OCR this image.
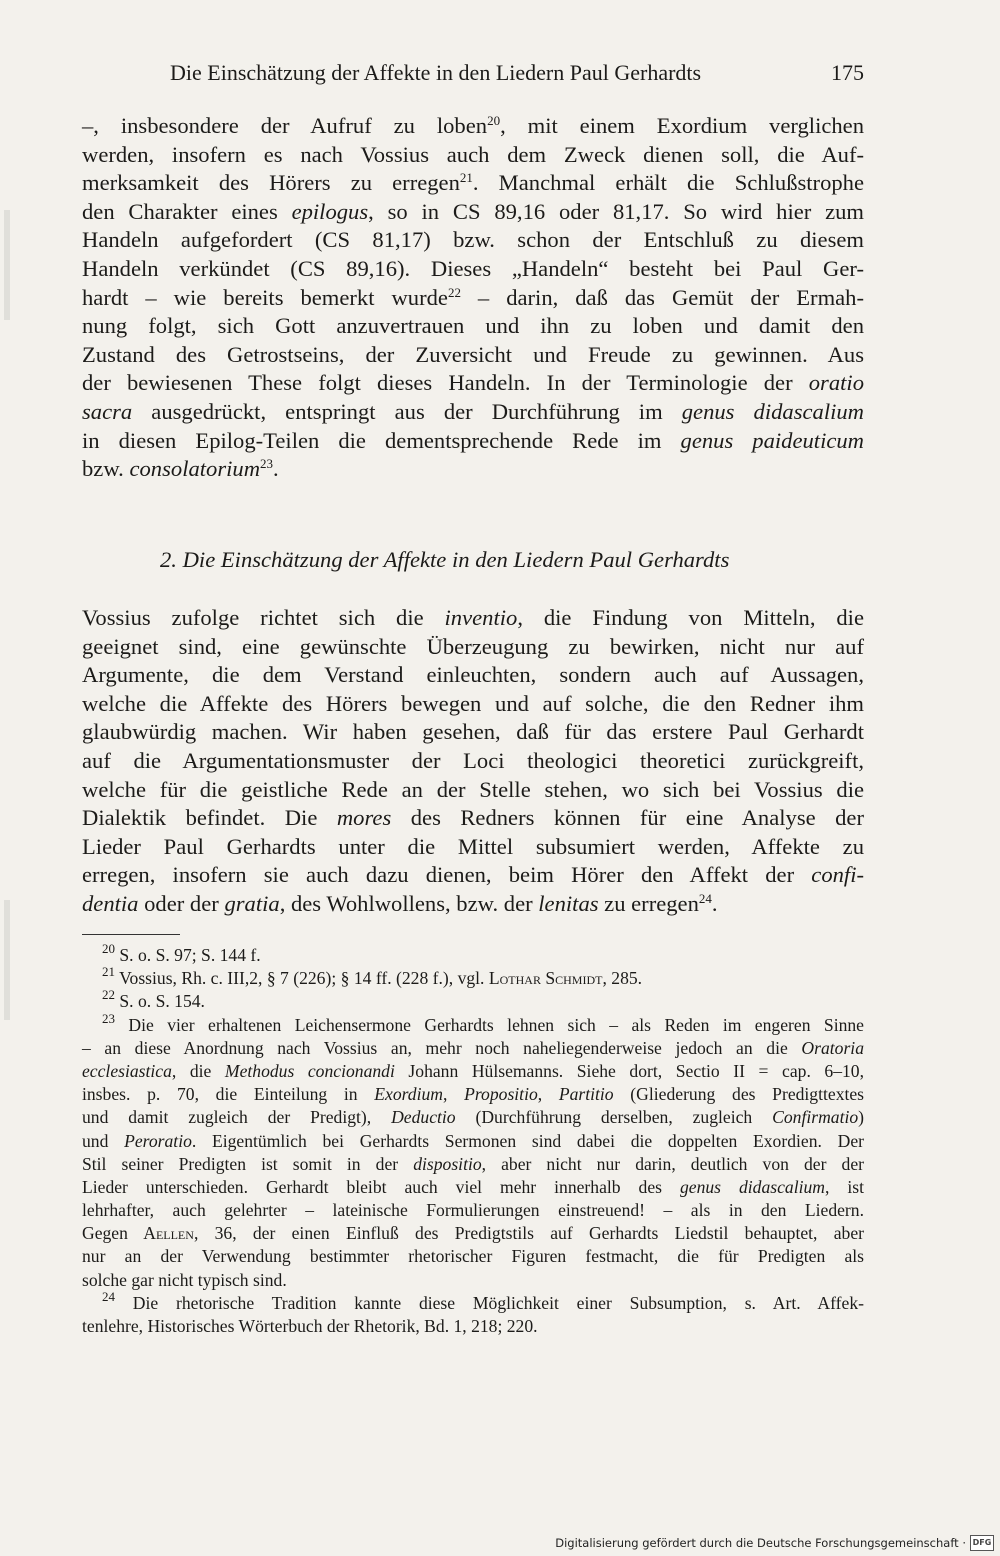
Die Einschätzung der Affekte in den Liedern Paul Gerhardts	175
–, insbesondere der Aufruf zu loben$^{20}$, mit einem Exordium verglichen
werden, insofern es nach Vossius auch dem Zweck dienen soll, die Auf-
merksamkeit des Hörers zu erregen$^{21}$. Manchmal erhält die Schlußstrophe
den Charakter eines epilogus, so in CS 89,16 oder 81,17. So wird hier zum
Handeln aufgefordert (CS 81,17) bzw. schon der Entschluß zu diesem
Handeln verkündet (CS 89,16). Dieses „Handeln“ besteht bei Paul Ger-
hardt – wie bereits bemerkt wurde$^{22}$ – darin, daß das Gemüt der Ermah-
nung folgt, sich Gott anzuvertrauen und ihn zu loben und damit den
Zustand des Getrostseins, der Zuversicht und Freude zu gewinnen. Aus
der bewiesenen These folgt dieses Handeln. In der Terminologie der oratio
sacra ausgedrückt, entspringt aus der Durchführung im genus didascalium
in diesen Epilog-Teilen die dementsprechende Rede im genus paideuticum
bzw. consolatorium$^{23}$.
2. Die Einschätzung der Affekte in den Liedern Paul Gerhardts
Vossius zufolge richtet sich die inventio, die Findung von Mitteln, die
geeignet sind, eine gewünschte Überzeugung zu bewirken, nicht nur auf
Argumente, die dem Verstand einleuchten, sondern auch auf Aussagen,
welche die Affekte des Hörers bewegen und auf solche, die den Redner ihm
glaubwürdig machen. Wir haben gesehen, daß für das erstere Paul Gerhardt
auf die Argumentationsmuster der Loci theologici theoretici zurückgreift,
welche für die geistliche Rede an der Stelle stehen, wo sich bei Vossius die
Dialektik befindet. Die mores des Redners können für eine Analyse der
Lieder Paul Gerhardts unter die Mittel subsumiert werden, Affekte zu
erregen, insofern sie auch dazu dienen, beim Hörer den Affekt der confi-
dentia oder der gratia, des Wohlwollens, bzw. der lenitas zu erregen$^{24}$.
$^{20}$ S. o. S. 97; S. 144 f.
$^{21}$ Vossius, Rh. c. III,2, § 7 (226); § 14 ff. (228 f.), vgl. Lothar Schmidt, 285.
$^{22}$ S. o. S. 154.
$^{23}$ Die vier erhaltenen Leichensermone Gerhardts lehnen sich – als Reden im engeren Sinne
– an diese Anordnung nach Vossius an, mehr noch naheliegenderweise jedoch an die Oratoria
ecclesiastica, die Methodus concionandi Johann Hülsemanns. Siehe dort, Sectio II = cap. 6–10,
insbes. p. 70, die Einteilung in Exordium, Propositio, Partitio (Gliederung des Predigttextes
und damit zugleich der Predigt), Deductio (Durchführung derselben, zugleich Confirmatio)
und Peroratio. Eigentümlich bei Gerhardts Sermonen sind dabei die doppelten Exordien. Der
Stil seiner Predigten ist somit in der dispositio, aber nicht nur darin, deutlich von der der
Lieder unterschieden. Gerhardt bleibt auch viel mehr innerhalb des genus didascalium, ist
lehrhafter, auch gelehrter – lateinische Formulierungen einstreuend! – als in den Liedern.
Gegen Aellen, 36, der einen Einfluß des Predigtstils auf Gerhardts Liedstil behauptet, aber
nur an der Verwendung bestimmter rhetorischer Figuren festmacht, die für Predigten als
solche gar nicht typisch sind.
$^{24}$ Die rhetorische Tradition kannte diese Möglichkeit einer Subsumption, s. Art. Affek-
tenlehre, Historisches Wörterbuch der Rhetorik, Bd. 1, 218; 220.
Digitalisierung gefördert durch die Deutsche Forschungsgemeinschaft · DFG
